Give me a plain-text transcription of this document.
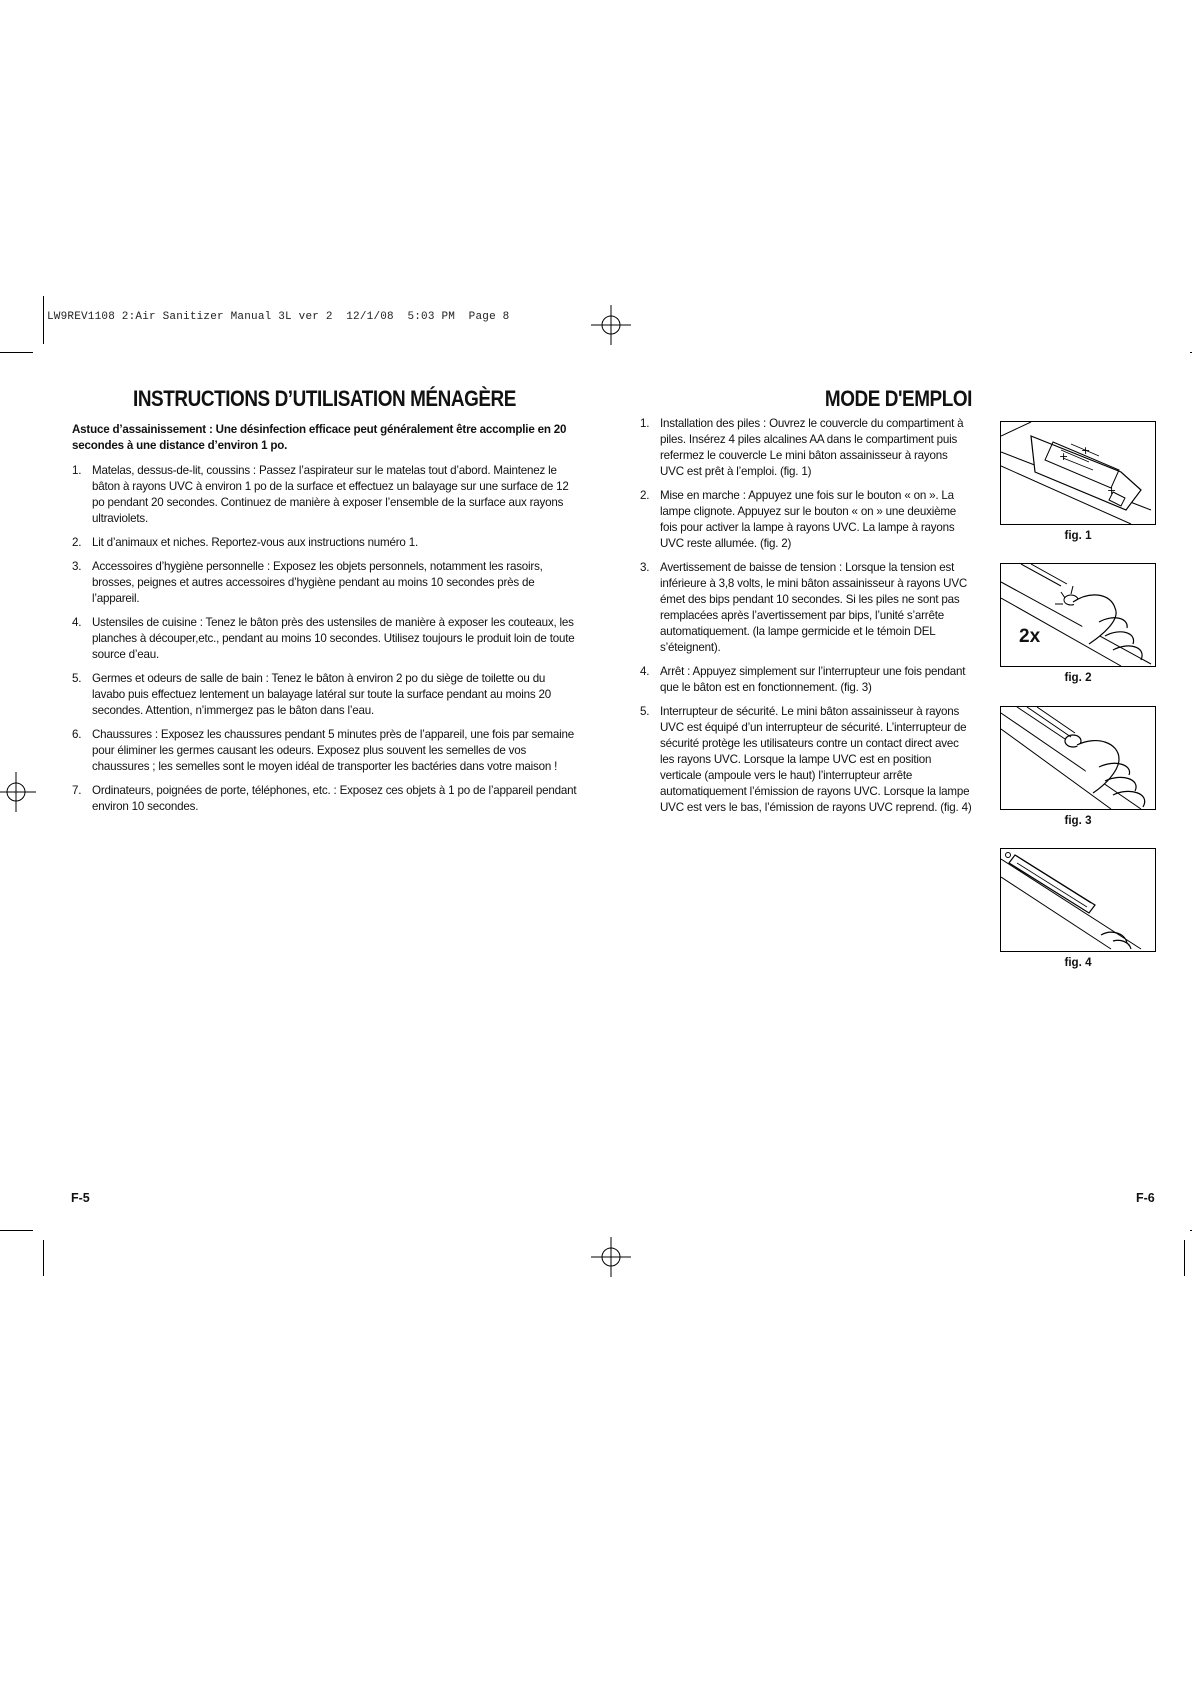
LW9REV1108 2:Air Sanitizer Manual 3L ver 2  12/1/08  5:03 PM  Page 8
INSTRUCTIONS D’UTILISATION MÉNAGÈRE

Astuce d’assainissement : Une désinfection efficace peut généralement être accomplie en 20 secondes à une distance d’environ 1 po.

1. Matelas, dessus-de-lit, coussins : Passez l’aspirateur sur le matelas tout d’abord. Maintenez le bâton à rayons UVC à environ 1 po de la surface et effectuez un balayage sur une surface de 12 po pendant 20 secondes. Continuez de manière à exposer l’ensemble de la surface aux rayons ultraviolets.
2. Lit d’animaux et niches. Reportez-vous aux instructions numéro 1.
3. Accessoires d’hygiène personnelle : Exposez les objets personnels, notamment les rasoirs, brosses, peignes et autres accessoires d’hygiène pendant au moins 10 secondes près de l’appareil.
4. Ustensiles de cuisine : Tenez le bâton près des ustensiles de manière à exposer les couteaux, les planches à découper,etc., pendant au moins 10 secondes. Utilisez toujours le produit loin de toute source d’eau.
5. Germes et odeurs de salle de bain : Tenez le bâton à environ 2 po du siège de toilette ou du lavabo puis effectuez lentement un balayage latéral sur toute la surface pendant au moins 20 secondes. Attention, n’immergez pas le bâton dans l’eau.
6. Chaussures : Exposez les chaussures pendant 5 minutes près de l’appareil, une fois par semaine pour éliminer les germes causant les odeurs. Exposez plus souvent les semelles de vos chaussures ; les semelles sont le moyen idéal de transporter les bactéries dans votre maison !
7. Ordinateurs, poignées de porte, téléphones, etc. : Exposez ces objets à 1 po de l’appareil pendant environ 10 secondes.
MODE D'EMPLOI
1. Installation des piles : Ouvrez le couvercle du compartiment à piles. Insérez 4 piles alcalines AA dans le compartiment puis refermez le couvercle Le mini bâton assainisseur à rayons UVC est prêt à l’emploi. (fig. 1)
2. Mise en marche : Appuyez une fois sur le bouton « on ». La lampe clignote. Appuyez sur le bouton « on » une deuxième fois pour activer la lampe à rayons UVC. La lampe à rayons UVC reste allumée. (fig. 2)
3. Avertissement de baisse de tension : Lorsque la tension est inférieure à 3,8 volts, le mini bâton assainisseur à rayons UVC émet des bips pendant 10 secondes. Si les piles ne sont pas remplacées après l’avertissement par bips, l’unité s’arrête automatiquement. (la lampe germicide et le témoin DEL s’éteignent).
4. Arrêt : Appuyez simplement sur l’interrupteur une fois pendant que le bâton est en fonctionnement. (fig. 3)
5. Interrupteur de sécurité. Le mini bâton assainisseur à rayons UVC est équipé d’un interrupteur de sécurité. L’interrupteur de sécurité protège les utilisateurs contre un contact direct avec les rayons UVC. Lorsque la lampe UVC est en position verticale (ampoule vers le haut) l’interrupteur arrête automatiquement l’émission de rayons UVC. Lorsque la lampe UVC est vers le bas, l’émission de rayons UVC reprend. (fig. 4)
+ +
+
fig. 1
2x
fig. 2
fig. 3
fig. 4
F-5	F-6
